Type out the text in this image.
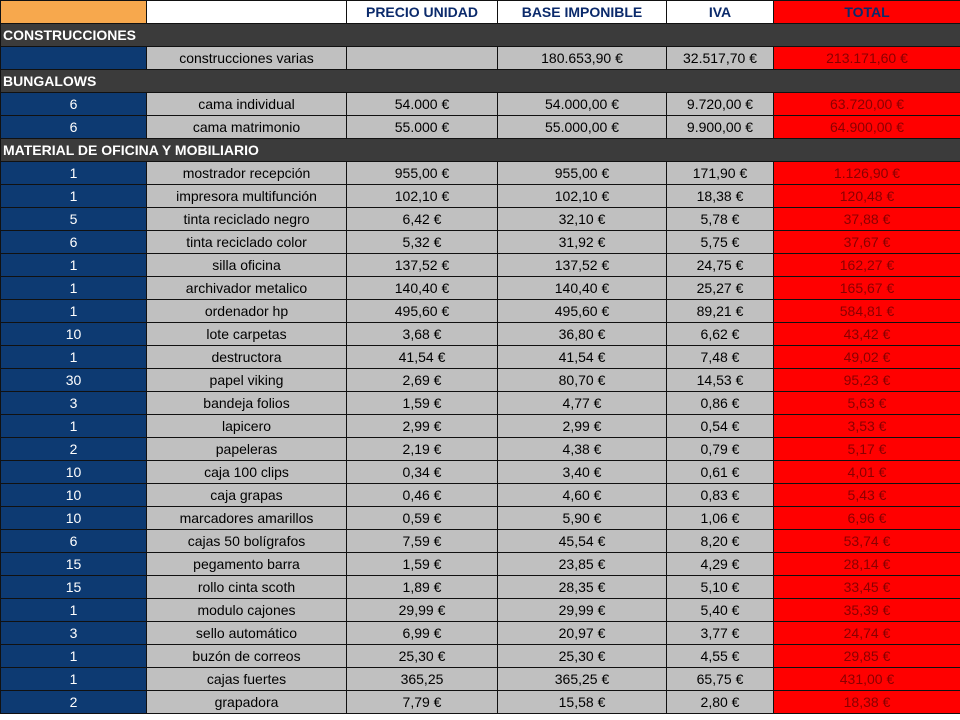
		PRECIO UNIDAD	BASE IMPONIBLE	IVA	TOTAL
CONSTRUCCIONES					
	construcciones varias		180.653,90 €	32.517,70 €	213.171,60 €
BUNGALOWS					
6	cama individual	54.000 €	54.000,00 €	9.720,00 €	63.720,00 €
6	cama matrimonio	55.000 €	55.000,00 €	9.900,00 €	64.900,00 €
MATERIAL DE OFICINA Y MOBILIARIO					
1	mostrador recepción	955,00 €	955,00 €	171,90 €	1.126,90 €
1	impresora multifunción	102,10 €	102,10 €	18,38 €	120,48 €
5	tinta reciclado negro	6,42 €	32,10 €	5,78 €	37,88 €
6	tinta reciclado color	5,32 €	31,92 €	5,75 €	37,67 €
1	silla oficina	137,52 €	137,52 €	24,75 €	162,27 €
1	archivador metalico	140,40 €	140,40 €	25,27 €	165,67 €
1	ordenador hp	495,60 €	495,60 €	89,21 €	584,81 €
10	lote carpetas	3,68 €	36,80 €	6,62 €	43,42 €
1	destructora	41,54 €	41,54 €	7,48 €	49,02 €
30	papel viking	2,69 €	80,70 €	14,53 €	95,23 €
3	bandeja folios	1,59 €	4,77 €	0,86 €	5,63 €
1	lapicero	2,99 €	2,99 €	0,54 €	3,53 €
2	papeleras	2,19 €	4,38 €	0,79 €	5,17 €
10	caja 100 clips	0,34 €	3,40 €	0,61 €	4,01 €
10	caja grapas	0,46 €	4,60 €	0,83 €	5,43 €
10	marcadores amarillos	0,59 €	5,90 €	1,06 €	6,96 €
6	cajas 50 bolígrafos	7,59 €	45,54 €	8,20 €	53,74 €
15	pegamento barra	1,59 €	23,85 €	4,29 €	28,14 €
15	rollo cinta scoth	1,89 €	28,35 €	5,10 €	33,45 €
1	modulo cajones	29,99 €	29,99 €	5,40 €	35,39 €
3	sello automático	6,99 €	20,97 €	3,77 €	24,74 €
1	buzón de correos	25,30 €	25,30 €	4,55 €	29,85 €
1	cajas fuertes	365,25	365,25 €	65,75 €	431,00 €
2	grapadora	7,79 €	15,58 €	2,80 €	18,38 €
